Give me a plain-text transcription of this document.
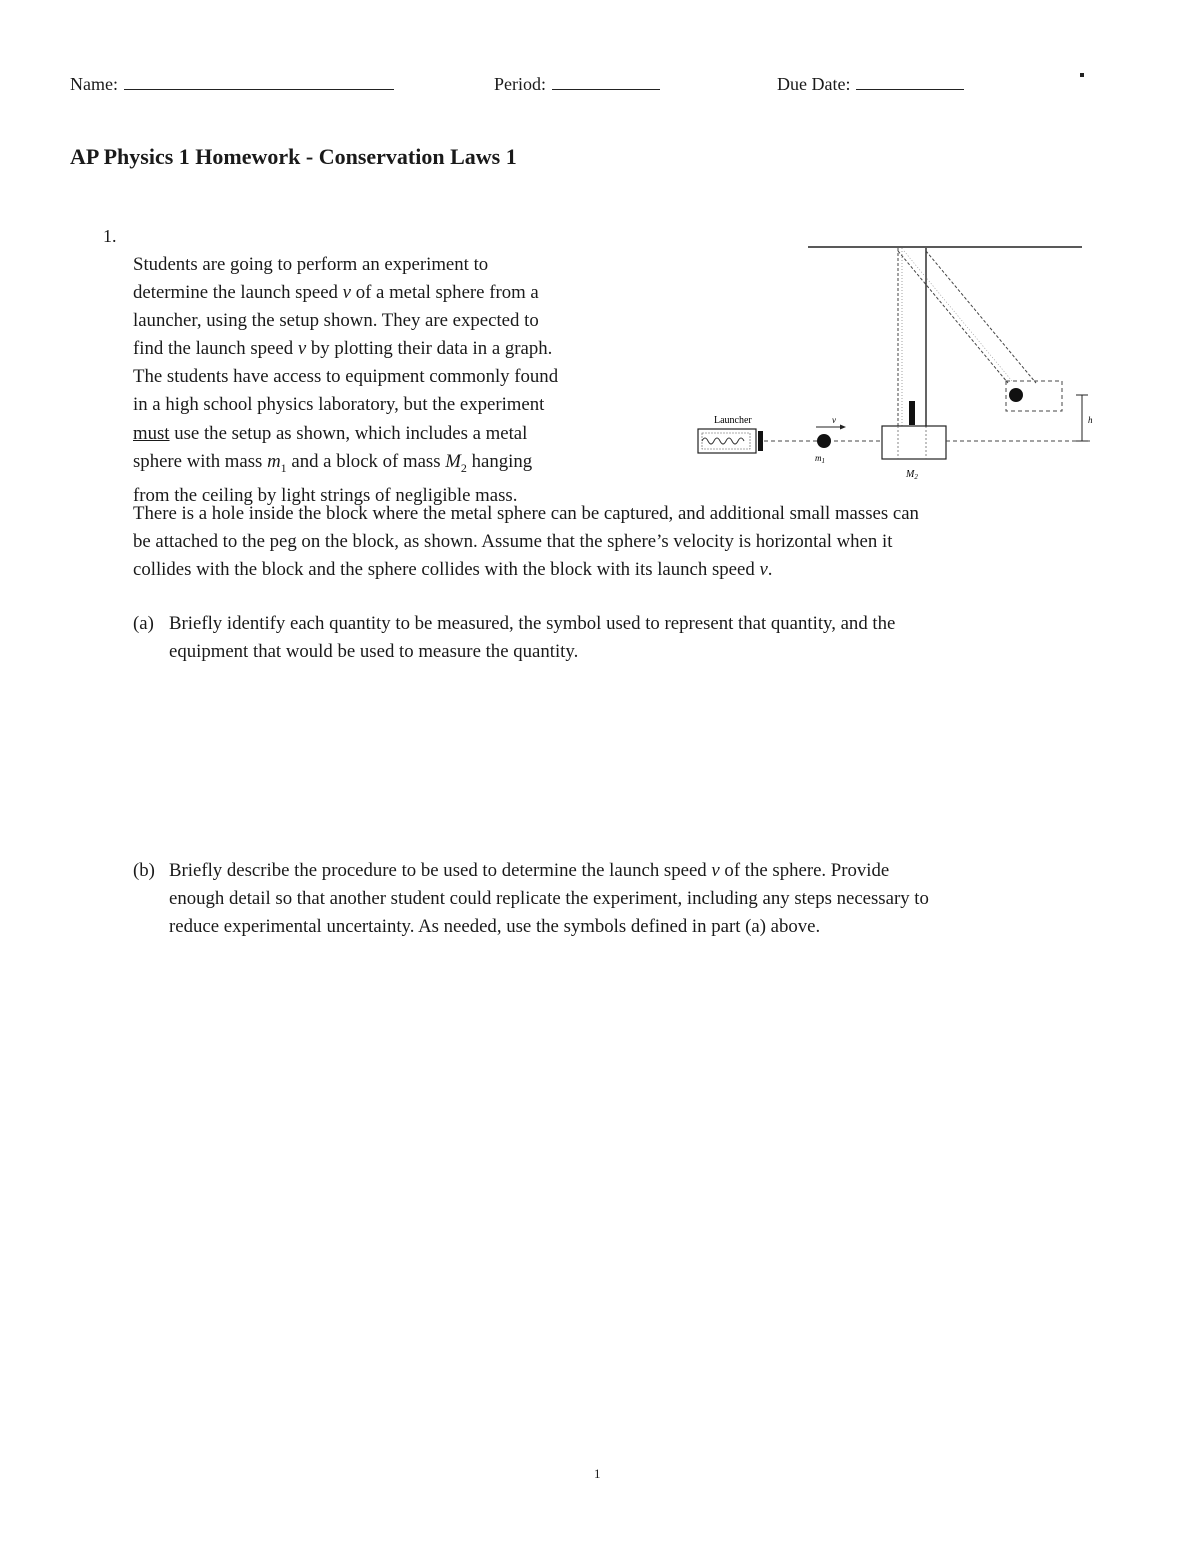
Name:	Period:	Due Date:
AP Physics 1 Homework - Conservation Laws 1
1.
Students are going to perform an experiment to
determine the launch speed v of a metal sphere from a
launcher, using the setup shown. They are expected to
find the launch speed v by plotting their data in a graph.
The students have access to equipment commonly found
in a high school physics laboratory, but the experiment
must use the setup as shown, which includes a metal
sphere with mass $m_1$ and a block of mass $M_2$ hanging
from the ceiling by light strings of negligible mass.
There is a hole inside the block where the metal sphere can be captured, and additional small masses can
be attached to the peg on the block, as shown. Assume that the sphere’s velocity is horizontal when it
collides with the block and the sphere collides with the block with its launch speed v.
(a) Briefly identify each quantity to be measured, the symbol used to represent that quantity, and the
equipment that would be used to measure the quantity.
(b) Briefly describe the procedure to be used to determine the launch speed v of the sphere. Provide
enough detail so that another student could replicate the experiment, including any steps necessary to
reduce experimental uncertainty. As needed, use the symbols defined in part (a) above.
h
Launcher
$m_1$
v
$M_2$
1
